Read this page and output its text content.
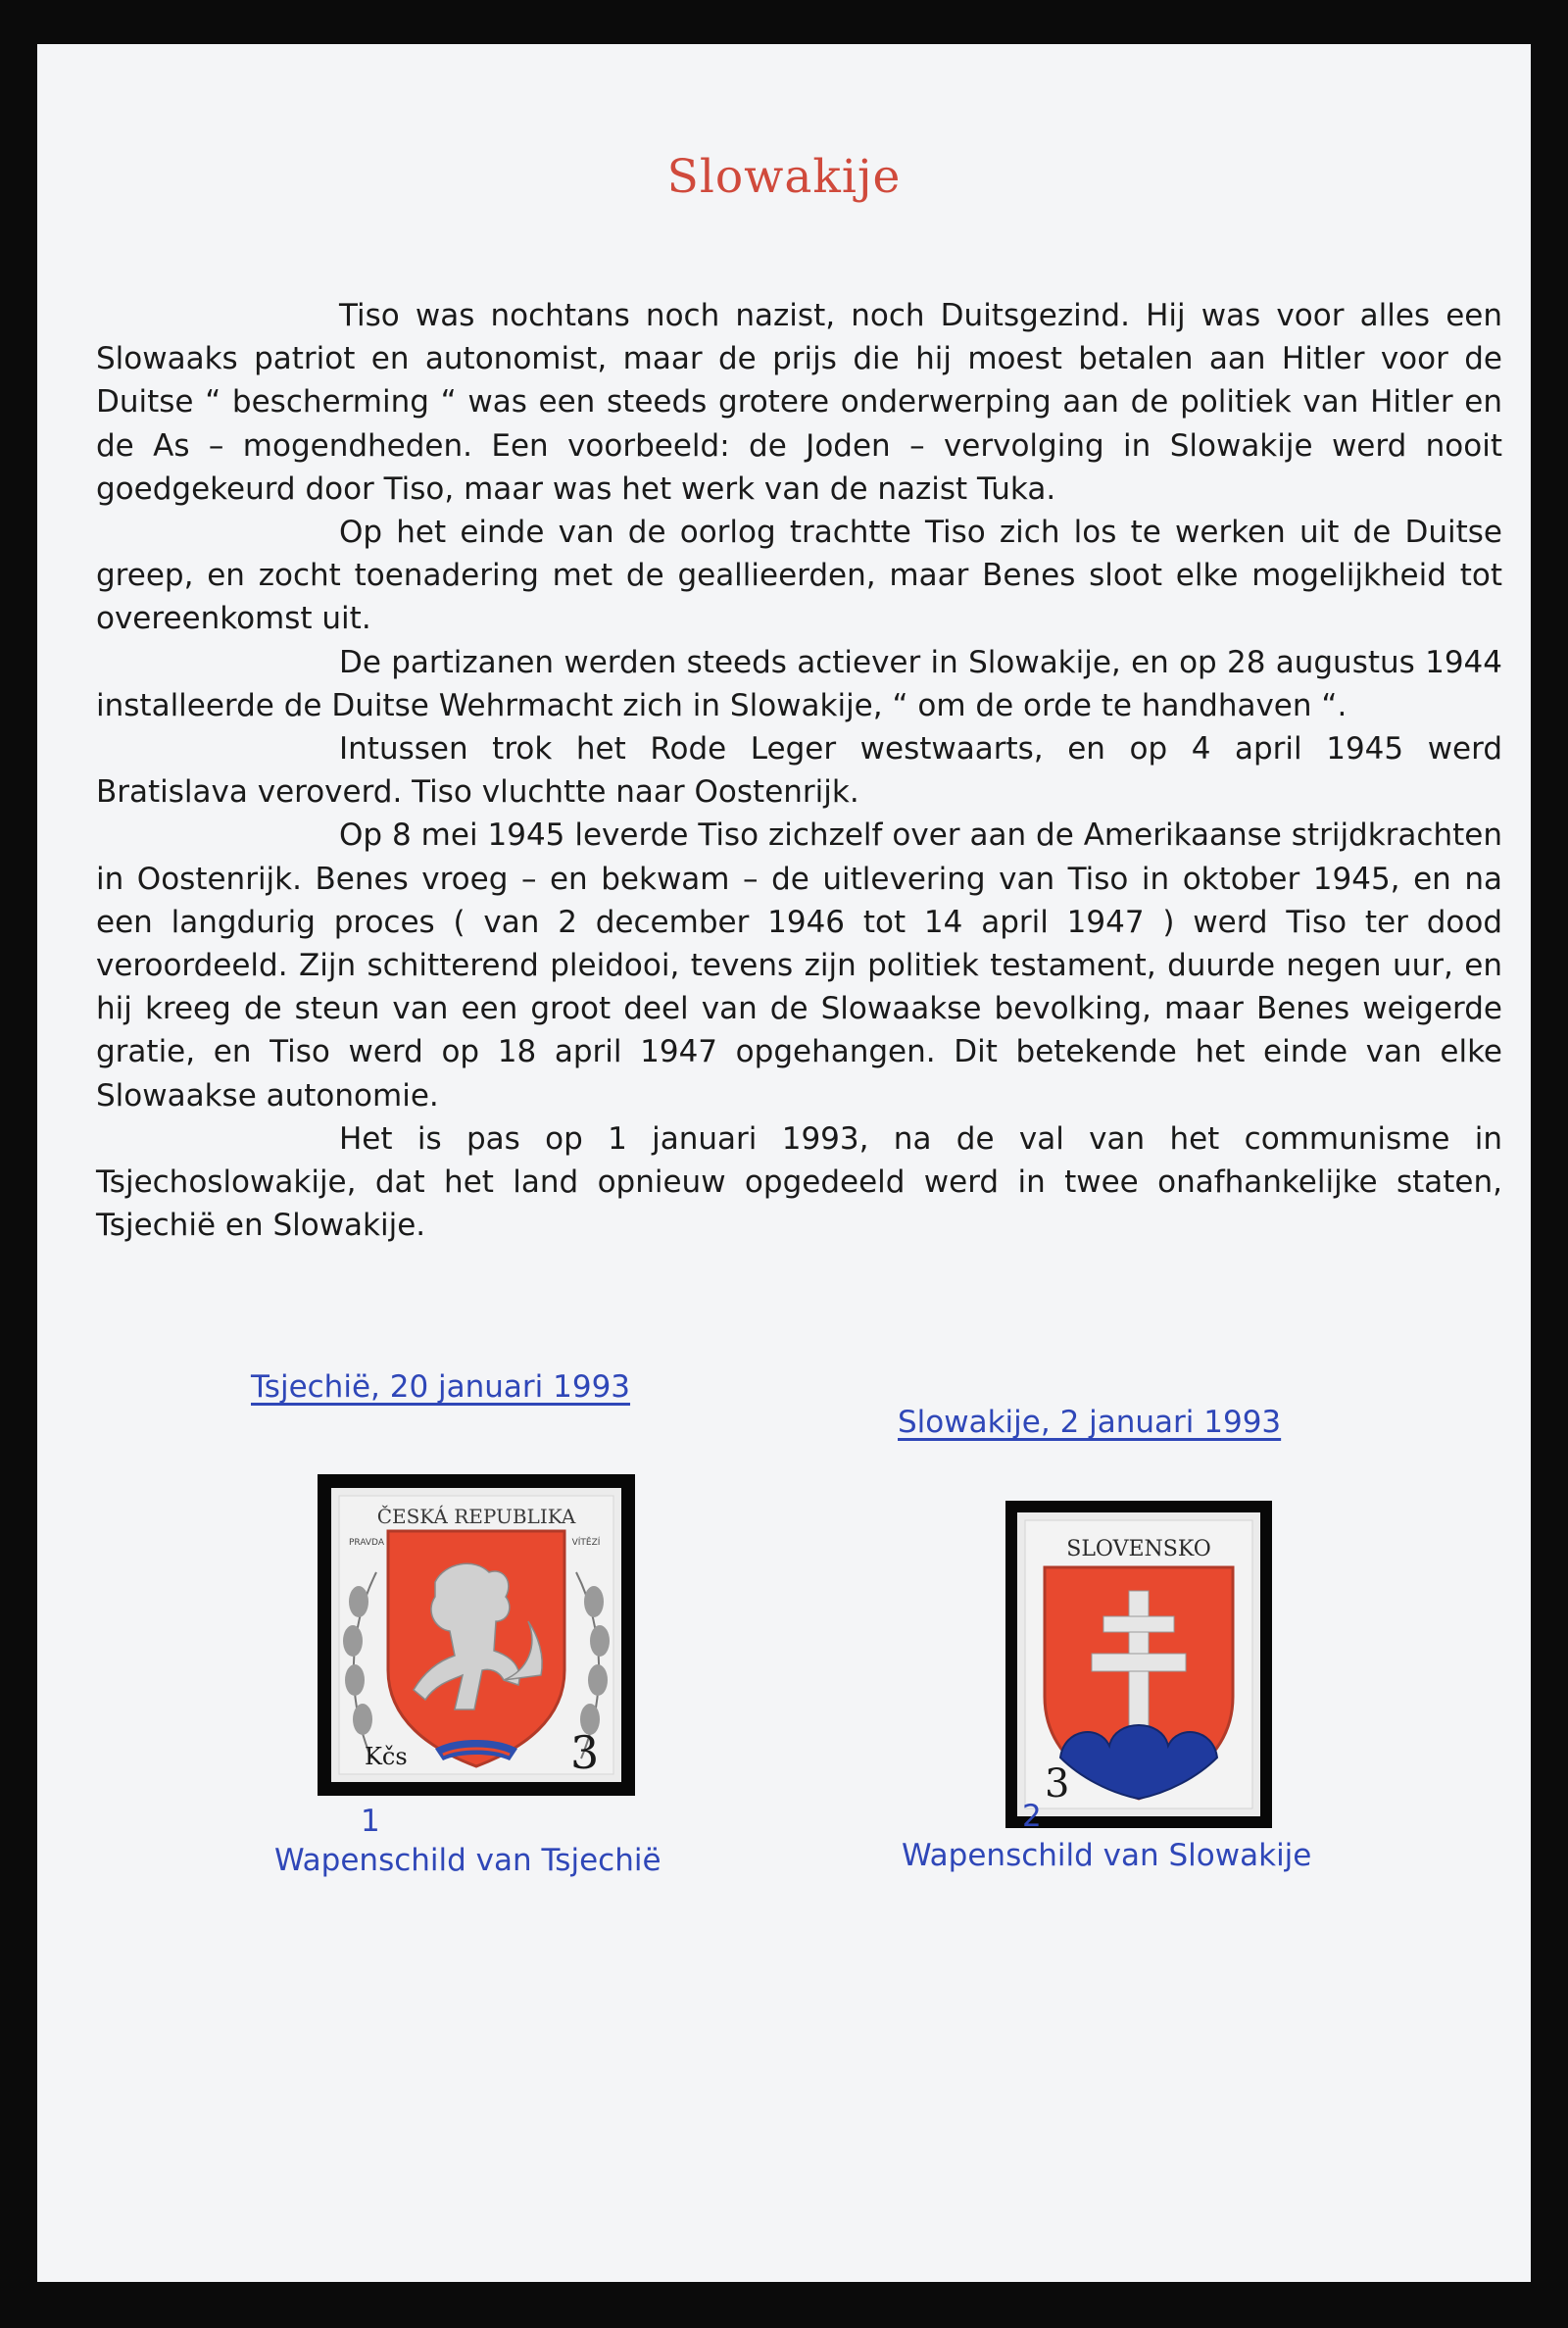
Slowakije

Tiso was nochtans noch nazist, noch Duitsgezind. Hij was voor alles een Slowaaks patriot en autonomist, maar de prijs die hij moest betalen aan Hitler voor de Duitse “ bescherming “ was een steeds grotere onderwerping aan de politiek van Hitler en de As – mogendheden. Een voorbeeld: de Joden – vervolging in Slowakije werd nooit goedgekeurd door Tiso, maar was het werk van de nazist Tuka.

Op het einde van de oorlog trachtte Tiso zich los te werken uit de Duitse greep, en zocht toenadering met de geallieerden, maar Benes sloot elke mogelijkheid tot overeenkomst uit.

De partizanen werden steeds actiever in Slowakije, en op 28 augustus 1944 installeerde de Duitse Wehrmacht zich in Slowakije, “ om de orde te handhaven “.

Intussen trok het Rode Leger westwaarts, en op 4 april 1945 werd Bratislava veroverd. Tiso vluchtte naar Oostenrijk.

Op 8 mei 1945 leverde Tiso zichzelf over aan de Amerikaanse strijdkrachten in Oostenrijk. Benes vroeg – en bekwam – de uitlevering van Tiso in oktober 1945, en na een langdurig proces ( van 2 december 1946 tot 14 april 1947 ) werd Tiso ter dood veroordeeld. Zijn schitterend pleidooi, tevens zijn politiek testament, duurde negen uur, en hij kreeg de steun van een groot deel van de Slowaakse bevolking, maar Benes weigerde gratie, en Tiso werd op 18 april 1947 opgehangen. Dit betekende het einde van elke Slowaakse autonomie.

Het is pas op 1 januari 1993, na de val van het communisme in Tsjechoslowakije, dat het land opnieuw opgedeeld werd in twee onafhankelijke staten, Tsjechië en Slowakije.

Tsjechië, 20 januari 1993
ČESKÁ REPUBLIKA
PRAVDA	VÍTĚZÍ
Kčs	3
1
Wapenschild van Tsjechië
Slowakije, 2 januari 1993
SLOVENSKO
3
2
Wapenschild van Slowakije
